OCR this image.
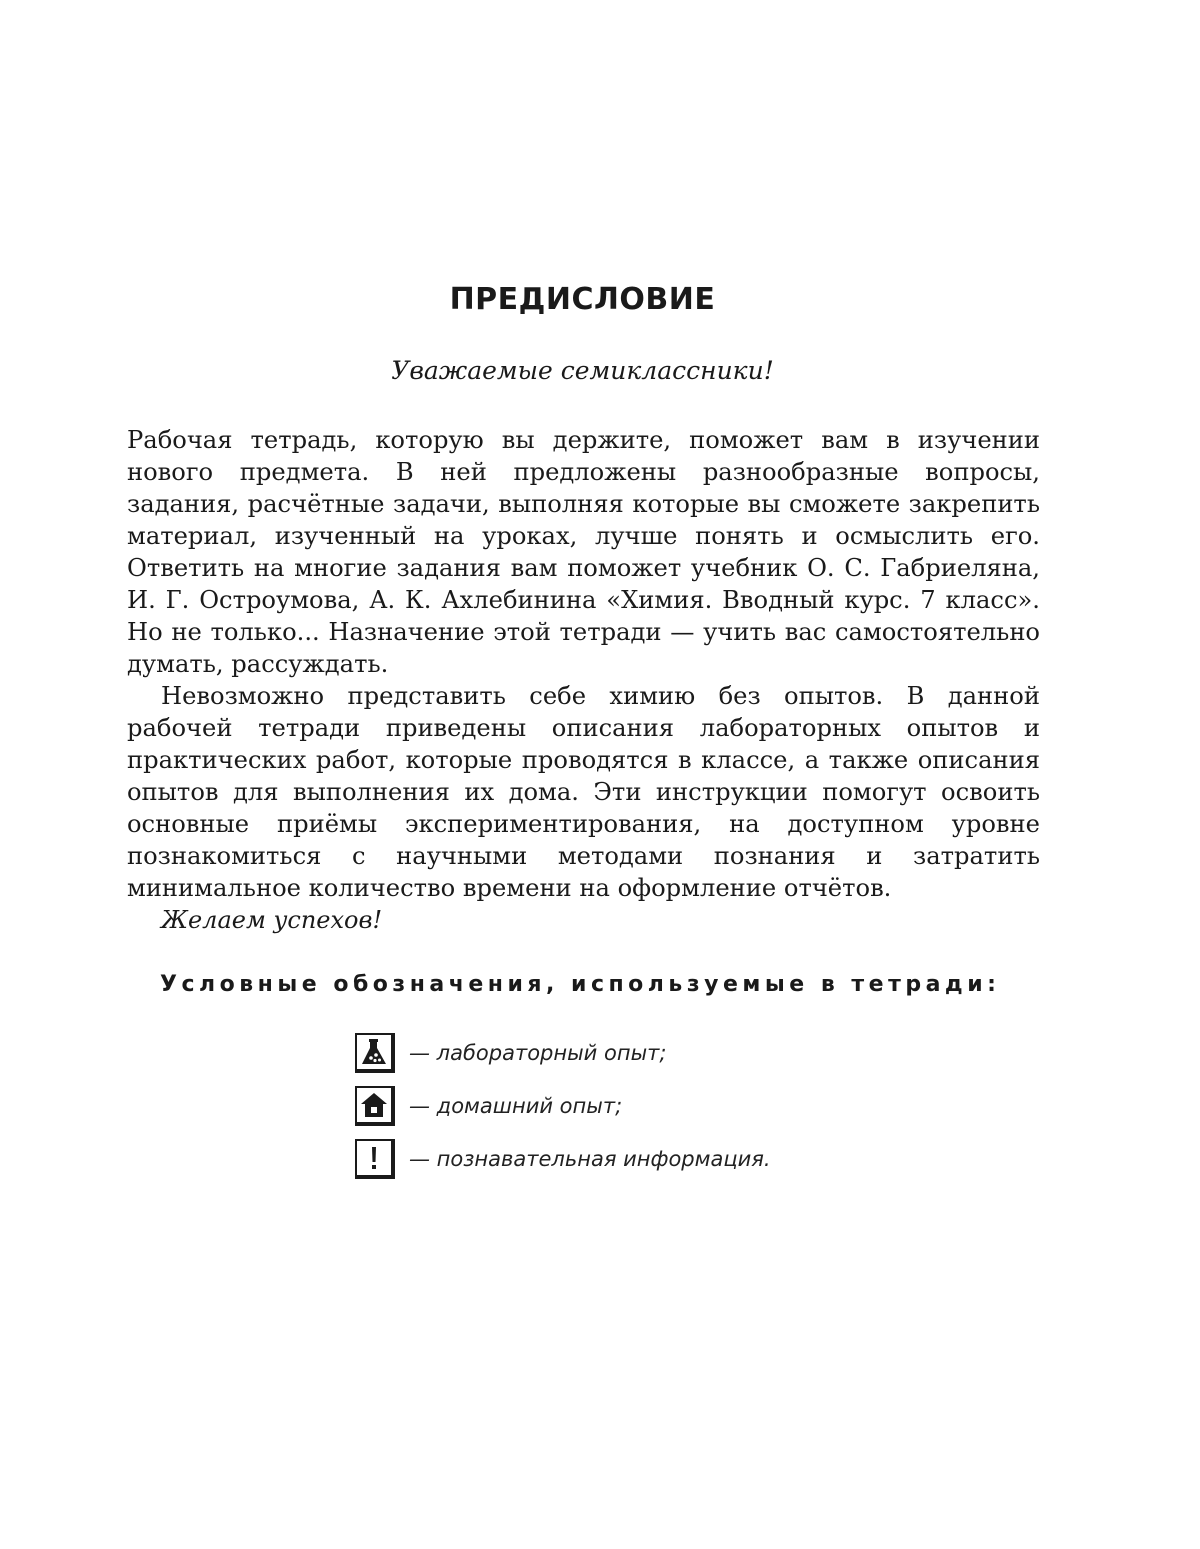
ПРЕДИСЛОВИЕ
Уважаемые семиклассники!

Рабочая тетрадь, которую вы держите, поможет вам в изучении нового предмета. В ней предложены разнообразные вопросы, задания, расчётные задачи, выполняя которые вы сможете закрепить материал, изученный на уроках, лучше понять и осмыслить его. Ответить на многие задания вам поможет учебник О. С. Габриеляна, И. Г. Остроумова, А. К. Ахлебинина «Химия. Вводный курс. 7 класс». Но не только... Назначение этой тетради — учить вас самостоятельно думать, рассуждать.

Невозможно представить себе химию без опытов. В данной рабочей тетради приведены описания лабораторных опытов и практических работ, которые проводятся в классе, а также описания опытов для выполнения их дома. Эти инструкции помогут освоить основные приёмы экспериментирования, на доступном уровне познакомиться с научными методами познания и затратить минимальное количество времени на оформление отчётов.

Желаем успехов!
Условные обозначения, используемые в тетради:
— лабораторный опыт;
— домашний опыт;
— познавательная информация.
